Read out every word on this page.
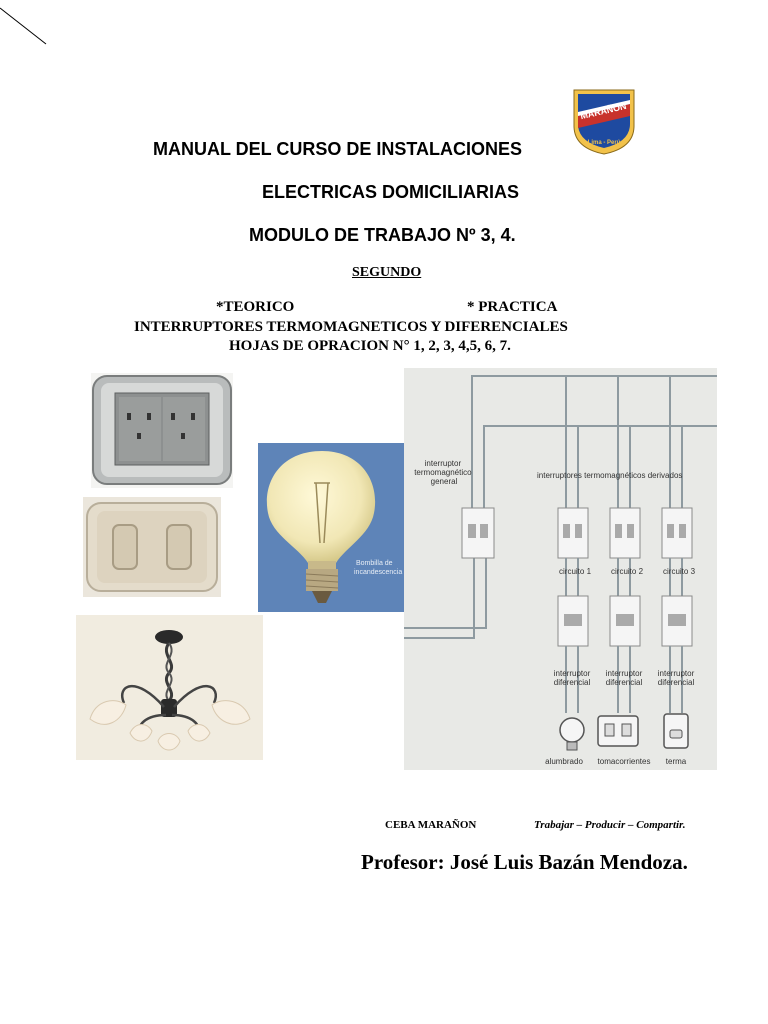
MARAÑON
Lima - Perú
MANUAL DEL CURSO DE INSTALACIONES
ELECTRICAS DOMICILIARIAS
MODULO DE TRABAJO Nº 3, 4.
SEGUNDO
*TEORICO	* PRACTICA
INTERRUPTORES TERMOMAGNETICOS Y DIFERENCIALES
HOJAS DE OPRACION N° 1, 2, 3, 4,5, 6, 7.
Bombilla de incandescencia
interruptor termomagnético general
interruptores termomagnéticos derivados
circuito 1 circuito 2 circuito 3
interruptor diferencial
interruptor diferencial
interruptor diferencial
alumbrado tomacorrientes terma
CEBA MARAÑON	Trabajar – Producir – Compartir.
Profesor: José Luis Bazán Mendoza.
